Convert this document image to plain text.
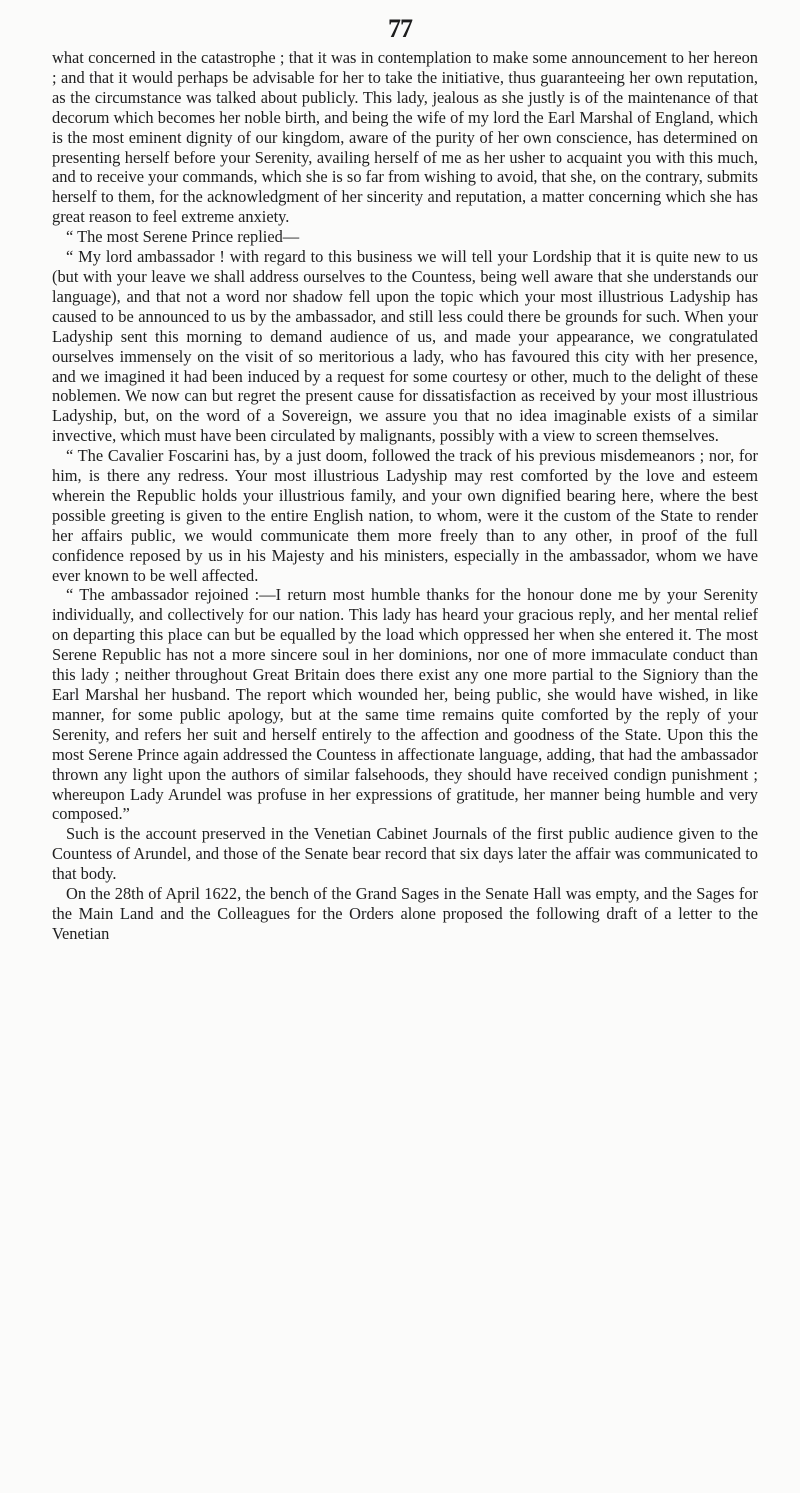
77

what concerned in the catastrophe ; that it was in contemplation to make some announcement to her hereon ; and that it would perhaps be advisable for her to take the initiative, thus guaranteeing her own reputation, as the circumstance was talked about publicly. This lady, jealous as she justly is of the maintenance of that decorum which becomes her noble birth, and being the wife of my lord the Earl Marshal of England, which is the most eminent dignity of our kingdom, aware of the purity of her own conscience, has determined on presenting herself before your Serenity, availing herself of me as her usher to acquaint you with this much, and to receive your commands, which she is so far from wishing to avoid, that she, on the contrary, submits herself to them, for the acknowledgment of her sincerity and reputation, a matter concerning which she has great reason to feel extreme anxiety.

“ The most Serene Prince replied—

“ My lord ambassador ! with regard to this business we will tell your Lordship that it is quite new to us (but with your leave we shall address ourselves to the Countess, being well aware that she understands our language), and that not a word nor shadow fell upon the topic which your most illustrious Ladyship has caused to be announced to us by the ambassador, and still less could there be grounds for such. When your Ladyship sent this morning to demand audience of us, and made your appearance, we congratulated ourselves immensely on the visit of so meritorious a lady, who has favoured this city with her presence, and we imagined it had been induced by a request for some courtesy or other, much to the delight of these noblemen. We now can but regret the present cause for dissatisfaction as received by your most illustrious Ladyship, but, on the word of a Sovereign, we assure you that no idea imaginable exists of a similar invective, which must have been circulated by malignants, possibly with a view to screen themselves.

“ The Cavalier Foscarini has, by a just doom, followed the track of his previous misdemeanors ; nor, for him, is there any redress. Your most illustrious Ladyship may rest comforted by the love and esteem wherein the Republic holds your illustrious family, and your own dignified bearing here, where the best possible greeting is given to the entire English nation, to whom, were it the custom of the State to render her affairs public, we would communicate them more freely than to any other, in proof of the full confidence reposed by us in his Majesty and his ministers, especially in the ambassador, whom we have ever known to be well affected.

“ The ambassador rejoined :—I return most humble thanks for the honour done me by your Serenity individually, and collectively for our nation. This lady has heard your gracious reply, and her mental relief on departing this place can but be equalled by the load which oppressed her when she entered it. The most Serene Republic has not a more sincere soul in her dominions, nor one of more immaculate conduct than this lady ; neither throughout Great Britain does there exist any one more partial to the Signiory than the Earl Marshal her husband. The report which wounded her, being public, she would have wished, in like manner, for some public apology, but at the same time remains quite comforted by the reply of your Serenity, and refers her suit and herself entirely to the affection and goodness of the State. Upon this the most Serene Prince again addressed the Countess in affectionate language, adding, that had the ambassador thrown any light upon the authors of similar falsehoods, they should have received condign punishment ; whereupon Lady Arundel was profuse in her expressions of gratitude, her manner being humble and very composed.”

Such is the account preserved in the Venetian Cabinet Journals of the first public audience given to the Countess of Arundel, and those of the Senate bear record that six days later the affair was communicated to that body.

On the 28th of April 1622, the bench of the Grand Sages in the Senate Hall was empty, and the Sages for the Main Land and the Colleagues for the Orders alone proposed the following draft of a letter to the Venetian
